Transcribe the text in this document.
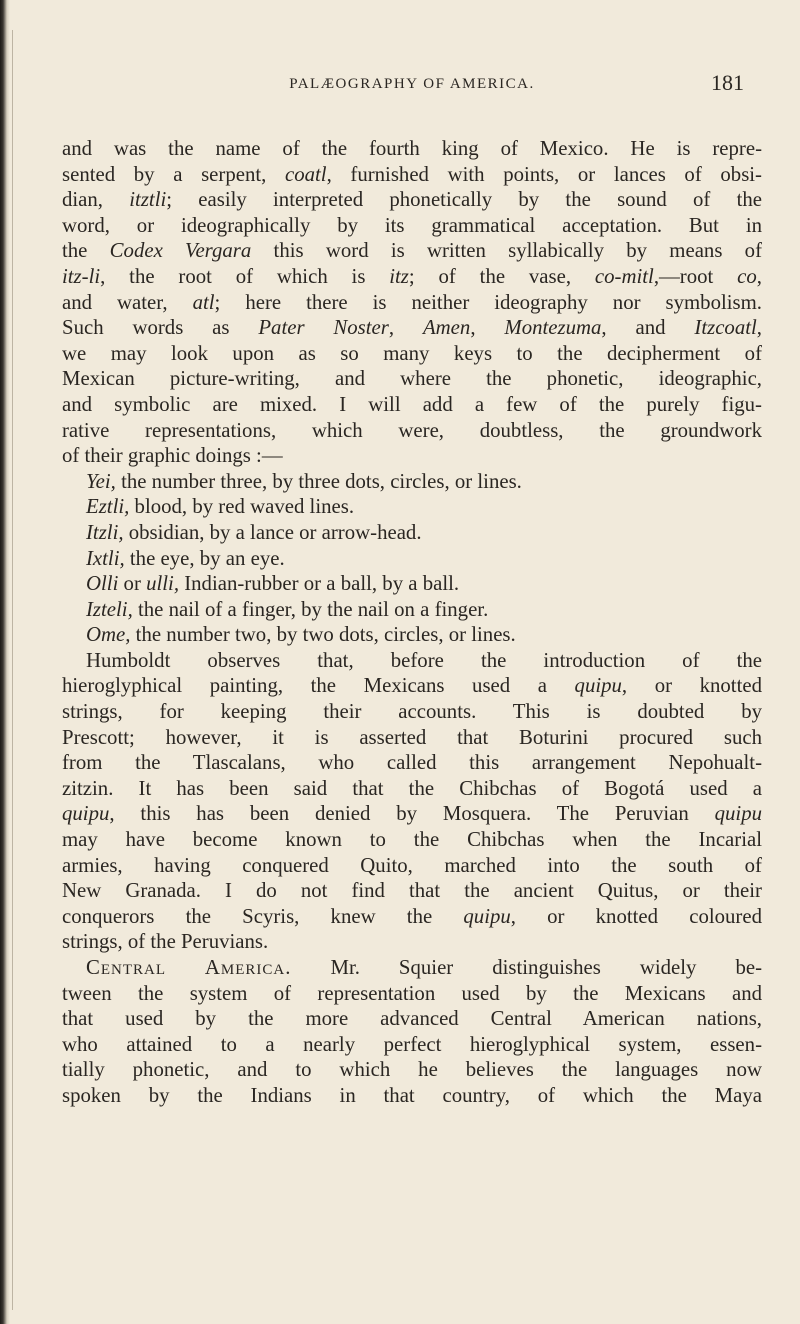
PALÆOGRAPHY OF AMERICA.	181
and was the name of the fourth king of Mexico. He is repre-
sented by a serpent, coatl, furnished with points, or lances of obsi-
dian, itztli; easily interpreted phonetically by the sound of the
word, or ideographically by its grammatical acceptation. But in
the Codex Vergara this word is written syllabically by means of
itz-li, the root of which is itz; of the vase, co-mitl,—root co,
and water, atl; here there is neither ideography nor symbolism.
Such words as Pater Noster, Amen, Montezuma, and Itzcoatl,
we may look upon as so many keys to the decipherment of
Mexican picture-writing, and where the phonetic, ideographic,
and symbolic are mixed. I will add a few of the purely figu-
rative representations, which were, doubtless, the groundwork
of their graphic doings :—
Yei, the number three, by three dots, circles, or lines.
Eztli, blood, by red waved lines.
Itzli, obsidian, by a lance or arrow-head.
Ixtli, the eye, by an eye.
Olli or ulli, Indian-rubber or a ball, by a ball.
Izteli, the nail of a finger, by the nail on a finger.
Ome, the number two, by two dots, circles, or lines.
Humboldt observes that, before the introduction of the
hieroglyphical painting, the Mexicans used a quipu, or knotted
strings, for keeping their accounts. This is doubted by
Prescott; however, it is asserted that Boturini procured such
from the Tlascalans, who called this arrangement Nepohualt-
zitzin. It has been said that the Chibchas of Bogotá used a
quipu, this has been denied by Mosquera. The Peruvian quipu
may have become known to the Chibchas when the Incarial
armies, having conquered Quito, marched into the south of
New Granada. I do not find that the ancient Quitus, or their
conquerors the Scyris, knew the quipu, or knotted coloured
strings, of the Peruvians.
Central America. Mr. Squier distinguishes widely be-
tween the system of representation used by the Mexicans and
that used by the more advanced Central American nations,
who attained to a nearly perfect hieroglyphical system, essen-
tially phonetic, and to which he believes the languages now
spoken by the Indians in that country, of which the Maya
